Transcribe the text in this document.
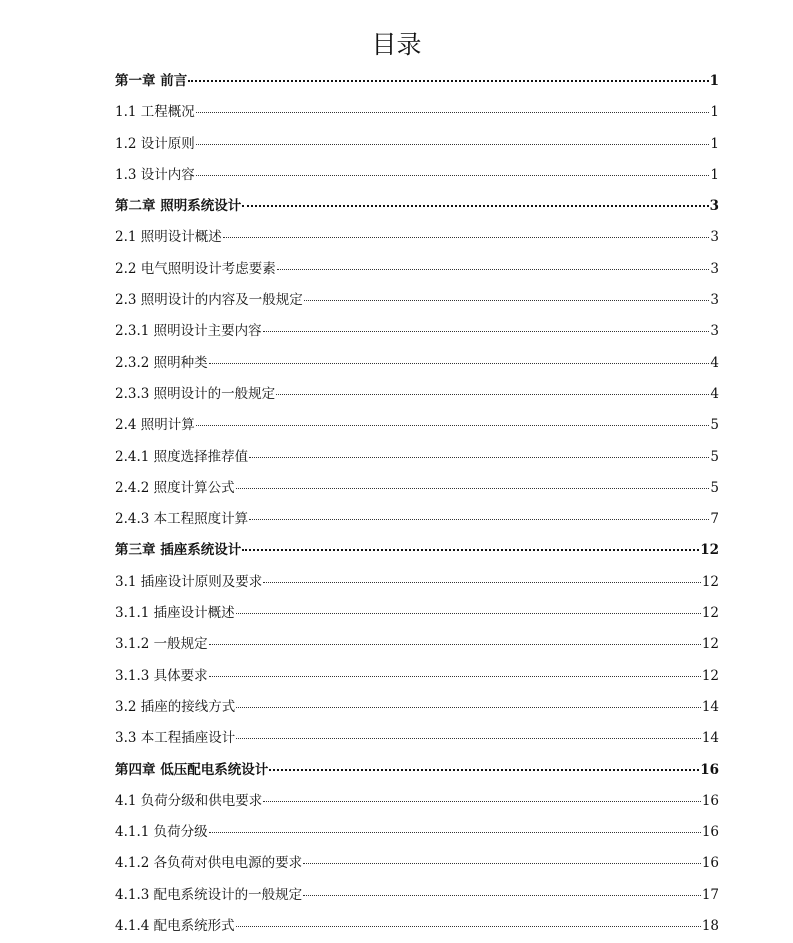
目录
第一章 前言	1
1.1 工程概况	1
1.2 设计原则	1
1.3 设计内容	1
第二章 照明系统设计	3
2.1 照明设计概述	3
2.2 电气照明设计考虑要素	3
2.3 照明设计的内容及一般规定	3
2.3.1 照明设计主要内容	3
2.3.2 照明种类	4
2.3.3 照明设计的一般规定	4
2.4 照明计算	5
2.4.1 照度选择推荐值	5
2.4.2 照度计算公式	5
2.4.3 本工程照度计算	7
第三章 插座系统设计	12
3.1 插座设计原则及要求	12
3.1.1 插座设计概述	12
3.1.2 一般规定	12
3.1.3 具体要求	12
3.2 插座的接线方式	14
3.3 本工程插座设计	14
第四章 低压配电系统设计	16
4.1 负荷分级和供电要求	16
4.1.1 负荷分级	16
4.1.2 各负荷对供电电源的要求	16
4.1.3 配电系统设计的一般规定	17
4.1.4 配电系统形式	18
